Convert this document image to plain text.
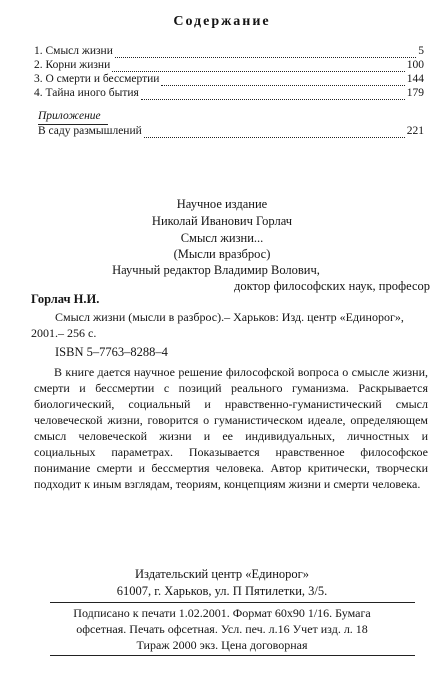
Содержание
1. Смысл жизни	5
2. Корни жизни	100
3. О смерти и бессмертии	144
4. Тайна иного бытия	179
Приложение
В саду размышлений	221
Научное издание
Николай Иванович Горлач
Смысл жизни...
(Мысли вразброс)
Научный редактор Владимир Волович,
доктор философских наук, професор
Горлач Н.И.
Смысл жизни (мысли в разброс).– Харьков: Изд. центр «Единорог»,
2001.– 256 с.
ISBN 5–7763–8288–4
В книге дается научное решение философской вопроса о смысле жизни, смерти и бессмертии с позиций реального гуманизма. Раскрывается биологический, социальный и нравственно-гуманистический смысл человеческой жизни, говорится о гуманистическом идеале, определяющем смысл человеческой жизни и ее индивидуальных, личностных и социальных параметрах. Показывается нравственное философское понимание смерти и бессмертия человека. Автор критически, творчески подходит к иным взглядам, теориям, концепциям жизни и смерти человека.
Издательский центр «Единорог»
61007, г. Харьков, ул. П Пятилетки, 3/5.
Подписано к печати 1.02.2001. Формат 60х90 1/16. Бумага
офсетная. Печать офсетная. Усл. печ. л.16 Учет изд. л. 18
Тираж 2000 экз. Цена договорная
